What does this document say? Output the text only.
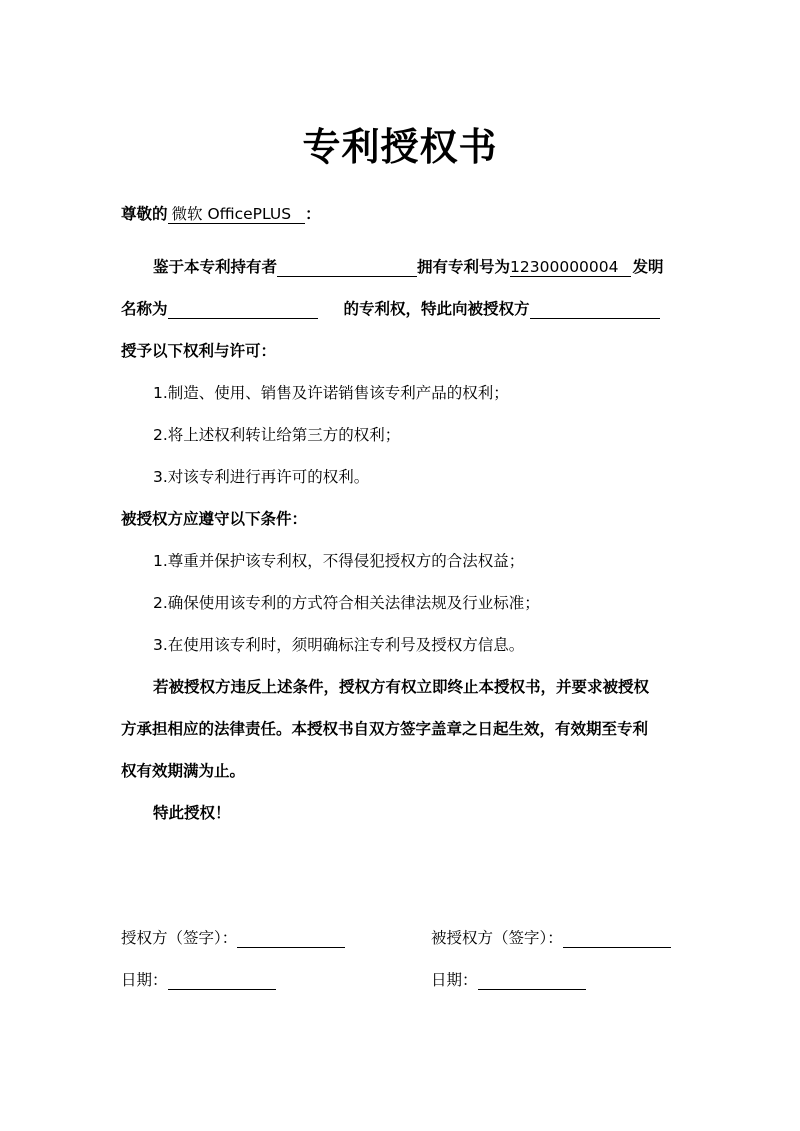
专利授权书
尊敬的 微软 OfficePLUS ：
鉴于本专利持有者	拥有专利号为12300000004 发明
名称为	的专利权，特此向被授权方
授予以下权利与许可：
1.制造、使用、销售及许诺销售该专利产品的权利；
2.将上述权利转让给第三方的权利；
3.对该专利进行再许可的权利。
被授权方应遵守以下条件：
1.尊重并保护该专利权，不得侵犯授权方的合法权益；
2.确保使用该专利的方式符合相关法律法规及行业标准；
3.在使用该专利时，须明确标注专利号及授权方信息。
若被授权方违反上述条件，授权方有权立即终止本授权书，并要求被授权
方承担相应的法律责任。本授权书自双方签字盖章之日起生效，有效期至专利
权有效期满为止。
特此授权！
授权方（签字）：	被授权方（签字）：
日期：	日期：
